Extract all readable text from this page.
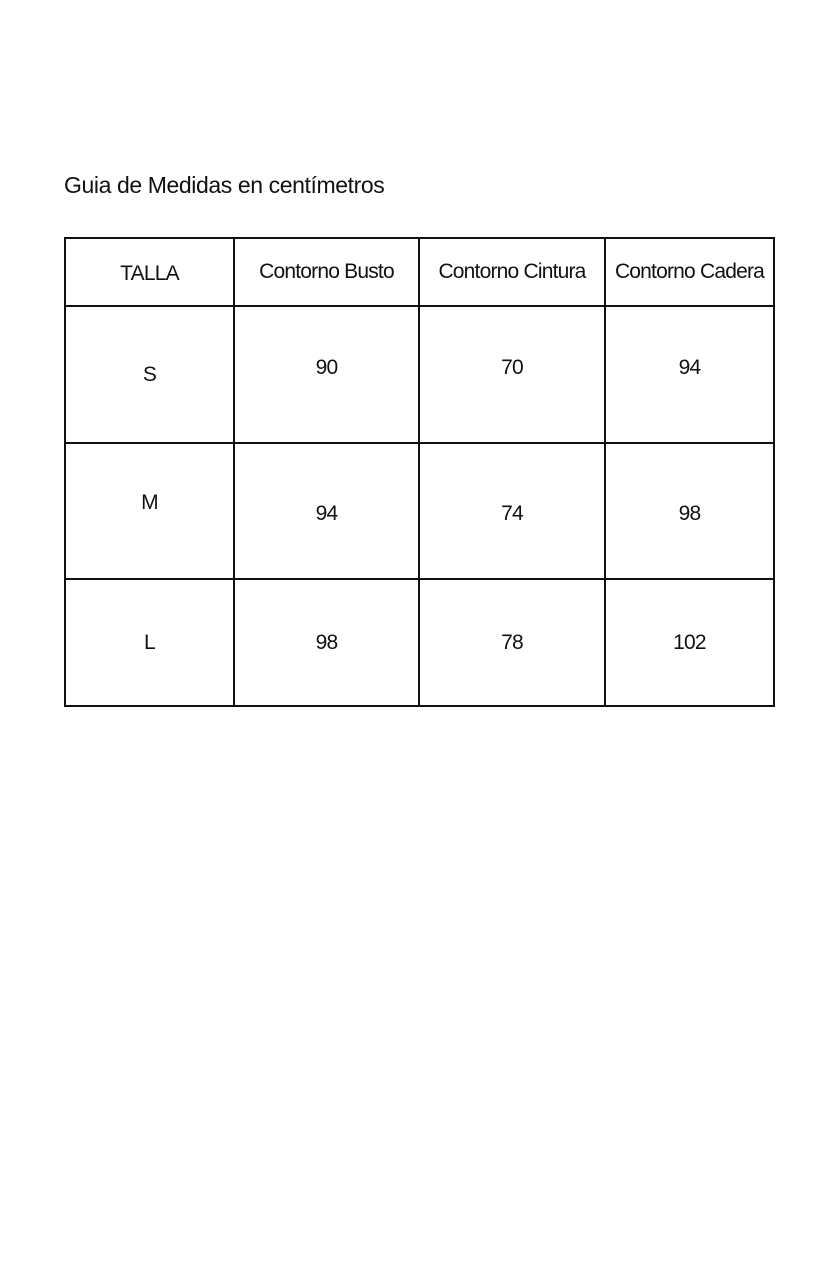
Guia de Medidas en centímetros
TALLA	Contorno Busto	Contorno Cintura	Contorno Cadera
S	90	70	94
M	94	74	98
L	98	78	102
